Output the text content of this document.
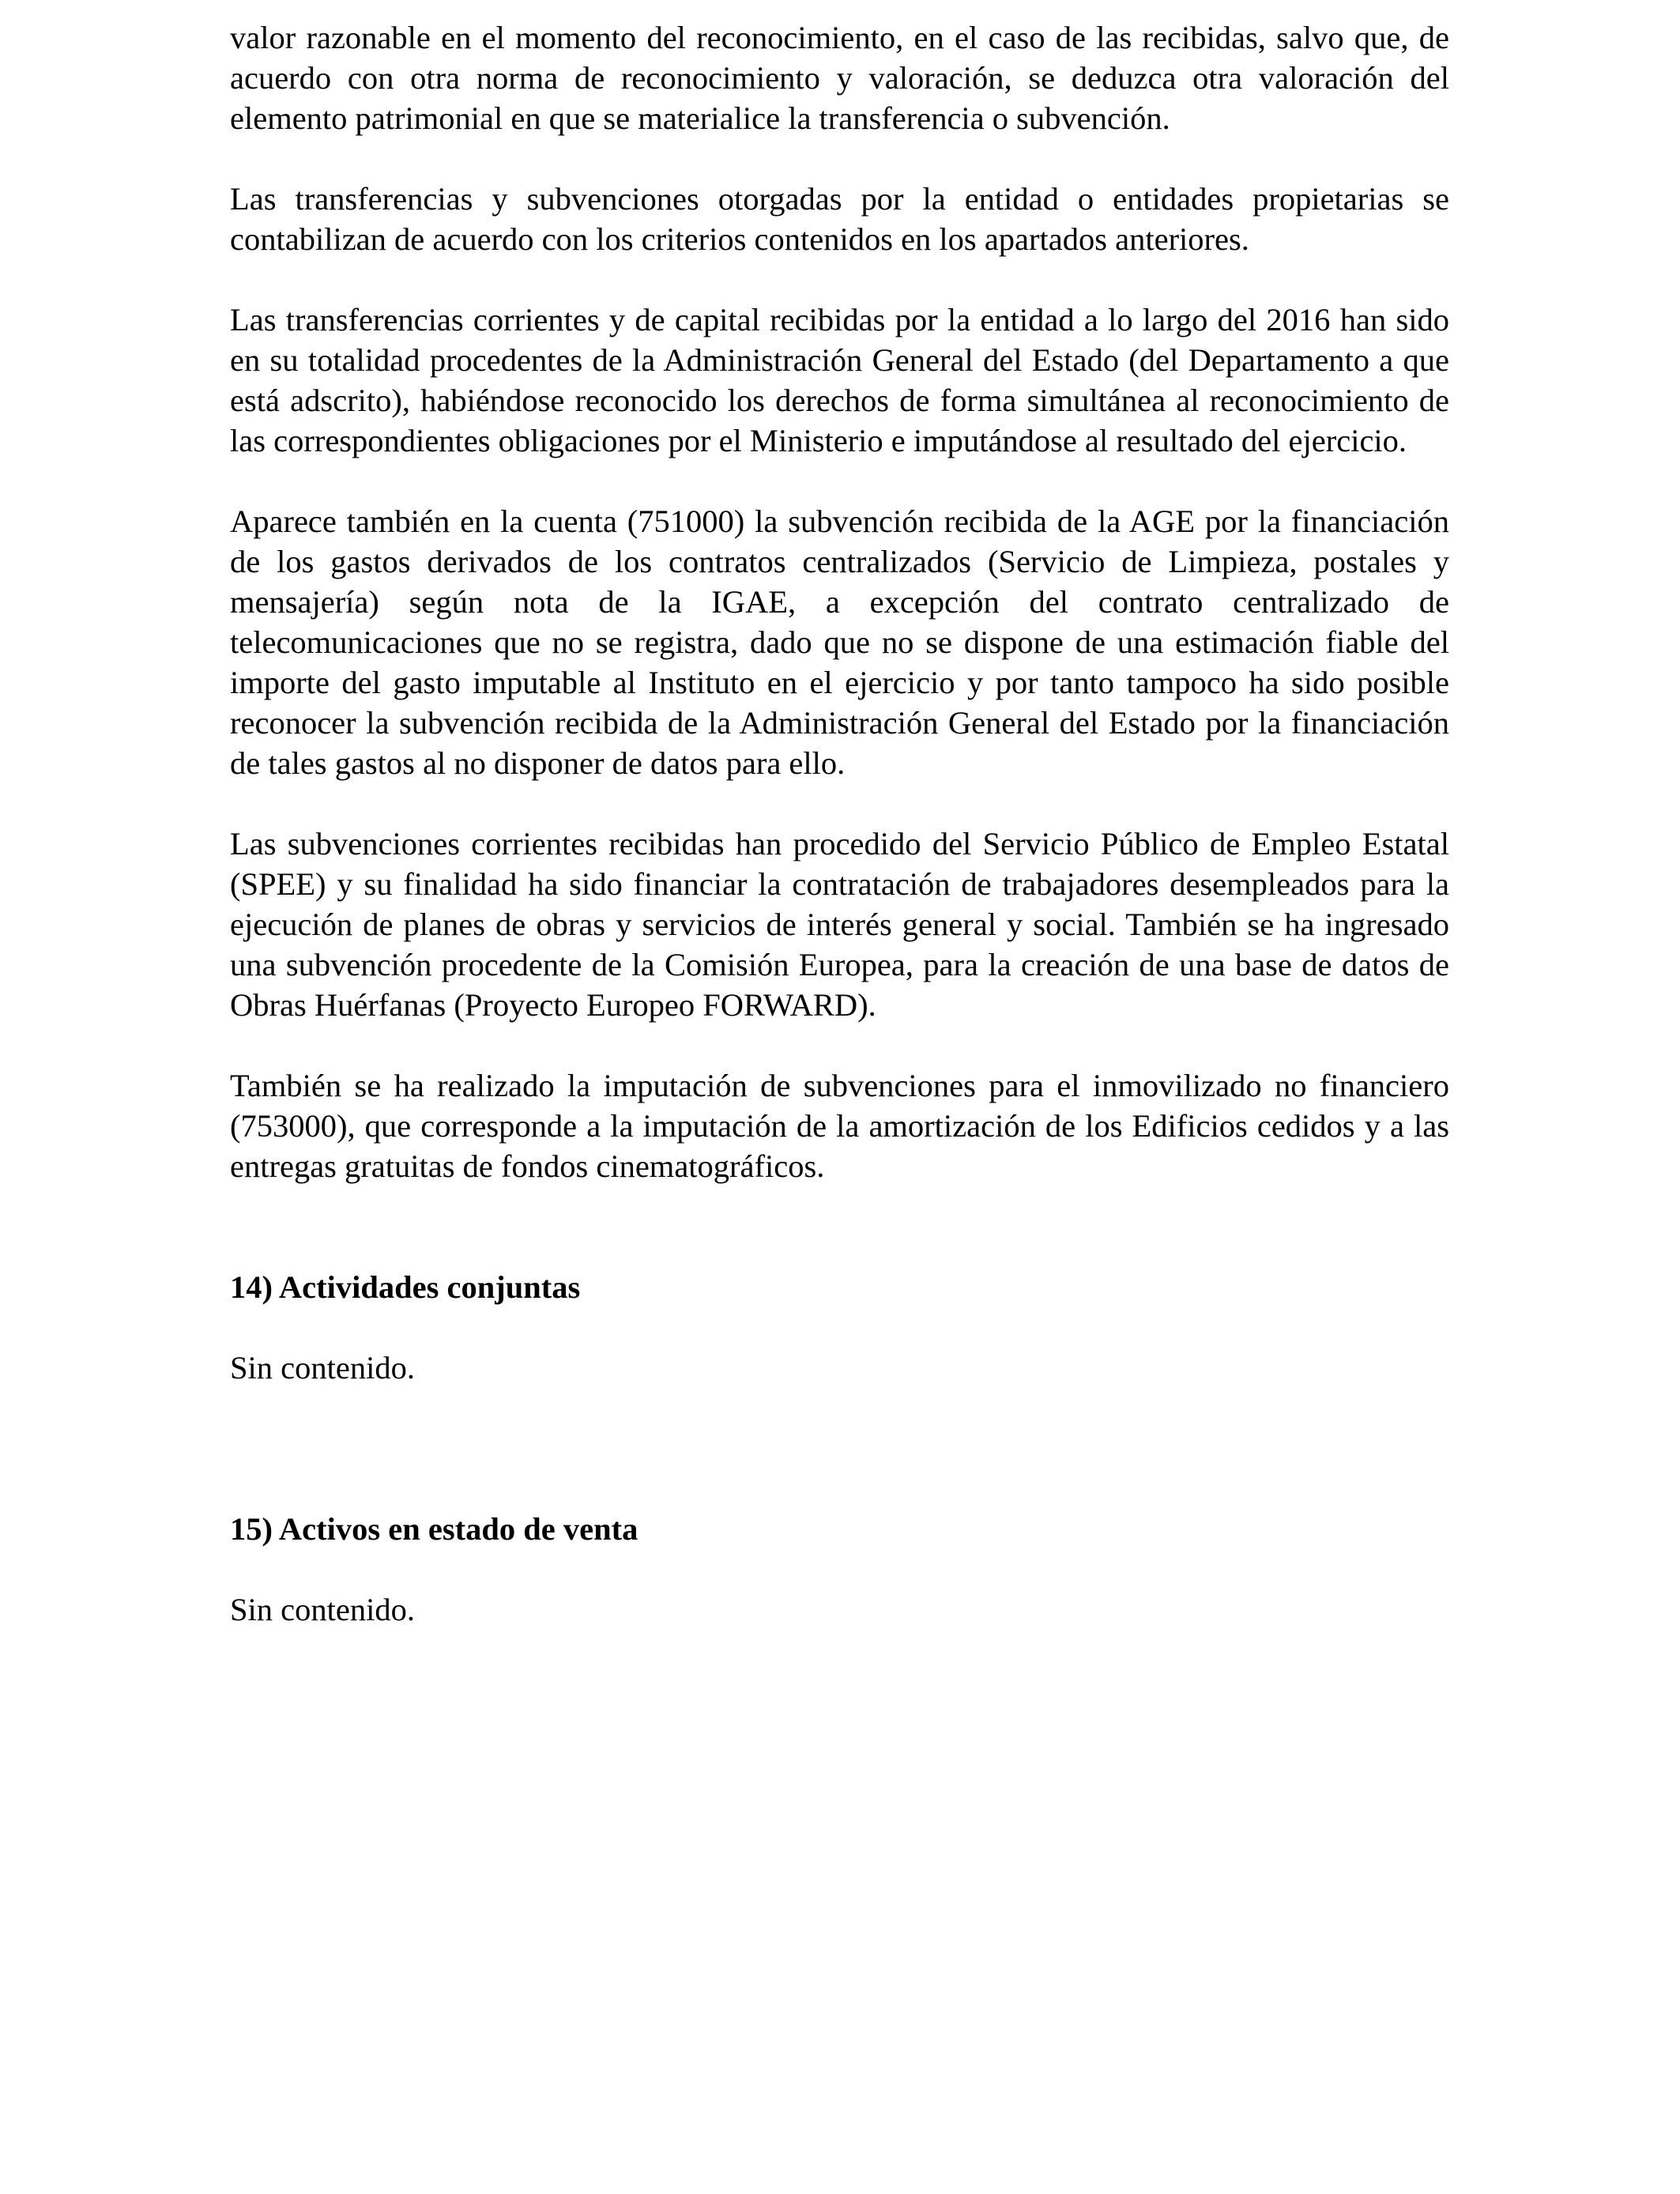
valor razonable en el momento del reconocimiento, en el caso de las recibidas, salvo que, de acuerdo con otra norma de reconocimiento y valoración, se deduzca otra valoración del elemento patrimonial en que se materialice la transferencia o subvención.

Las transferencias y subvenciones otorgadas por la entidad o entidades propietarias se contabilizan de acuerdo con los criterios contenidos en los apartados anteriores.

Las transferencias corrientes y de capital recibidas por la entidad a lo largo del 2016 han sido en su totalidad procedentes de la Administración General del Estado (del Departamento a que está adscrito), habiéndose reconocido los derechos de forma simultánea al reconocimiento de las correspondientes obligaciones por el Ministerio e imputándose al resultado del ejercicio.

Aparece también en la cuenta (751000) la subvención recibida de la AGE por la financiación de los gastos derivados de los contratos centralizados (Servicio de Limpieza, postales y mensajería) según nota de la IGAE, a excepción del contrato centralizado de telecomunicaciones que no se registra, dado que no se dispone de una estimación fiable del importe del gasto imputable al Instituto en el ejercicio y por tanto tampoco ha sido posible reconocer la subvención recibida de la Administración General del Estado por la financiación de tales gastos al no disponer de datos para ello.

Las subvenciones corrientes recibidas han procedido del Servicio Público de Empleo Estatal (SPEE) y su finalidad ha sido financiar la contratación de trabajadores desempleados para la ejecución de planes de obras y servicios de interés general y social. También se ha ingresado una subvención procedente de la Comisión Europea, para la creación de una base de datos de Obras Huérfanas (Proyecto Europeo FORWARD).

También se ha realizado la imputación de subvenciones para el inmovilizado no financiero (753000), que corresponde a la imputación de la amortización de los Edificios cedidos y a las entregas gratuitas de fondos cinematográficos.

14) Actividades conjuntas

Sin contenido.

15) Activos en estado de venta

Sin contenido.
